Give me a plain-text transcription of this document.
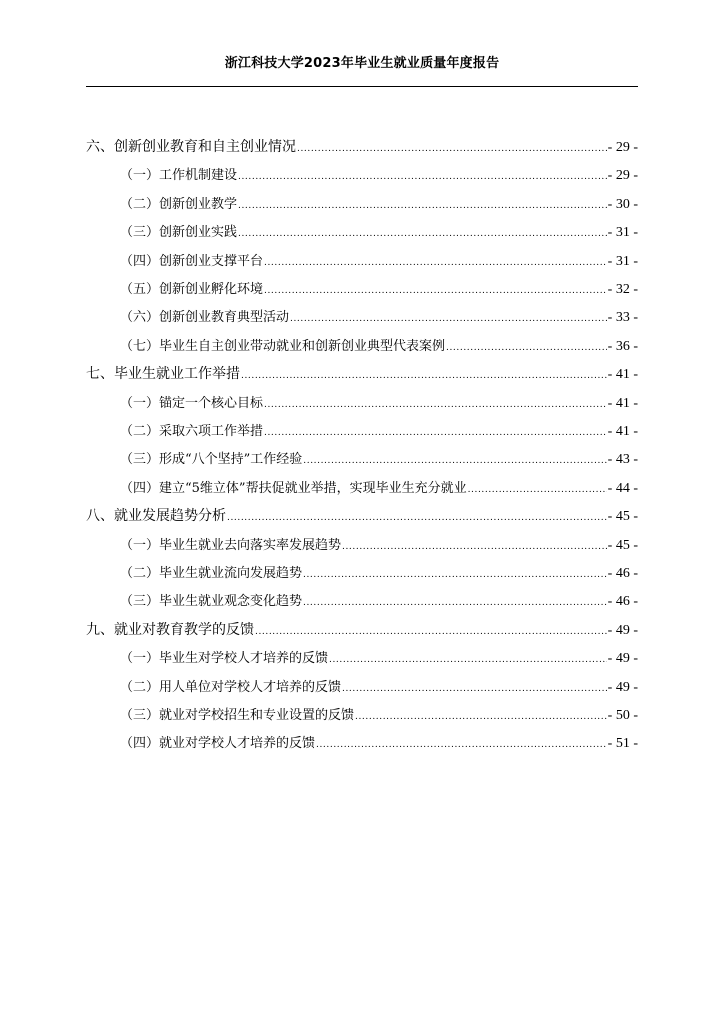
浙江科技大学2023年毕业生就业质量年度报告
六、创新创业教育和自主创业情况 .....	- 29 -
（一）工作机制建设 .....	- 29 -
（二）创新创业教学 .....	- 30 -
（三）创新创业实践 .....	- 31 -
（四）创新创业支撑平台 .....	- 31 -
（五）创新创业孵化环境 .....	- 32 -
（六）创新创业教育典型活动 .....	- 33 -
（七）毕业生自主创业带动就业和创新创业典型代表案例 .....	- 36 -
七、毕业生就业工作举措 .....	- 41 -
（一）锚定一个核心目标 .....	- 41 -
（二）采取六项工作举措 .....	- 41 -
（三）形成“八个坚持”工作经验 .....	- 43 -
（四）建立“5维立体”帮扶促就业举措，实现毕业生充分就业 .....	- 44 -
八、就业发展趋势分析 .....	- 45 -
（一）毕业生就业去向落实率发展趋势 .....	- 45 -
（二）毕业生就业流向发展趋势 .....	- 46 -
（三）毕业生就业观念变化趋势 .....	- 46 -
九、就业对教育教学的反馈 .....	- 49 -
（一）毕业生对学校人才培养的反馈 .....	- 49 -
（二）用人单位对学校人才培养的反馈 .....	- 49 -
（三）就业对学校招生和专业设置的反馈 .....	- 50 -
（四）就业对学校人才培养的反馈 .....	- 51 -
